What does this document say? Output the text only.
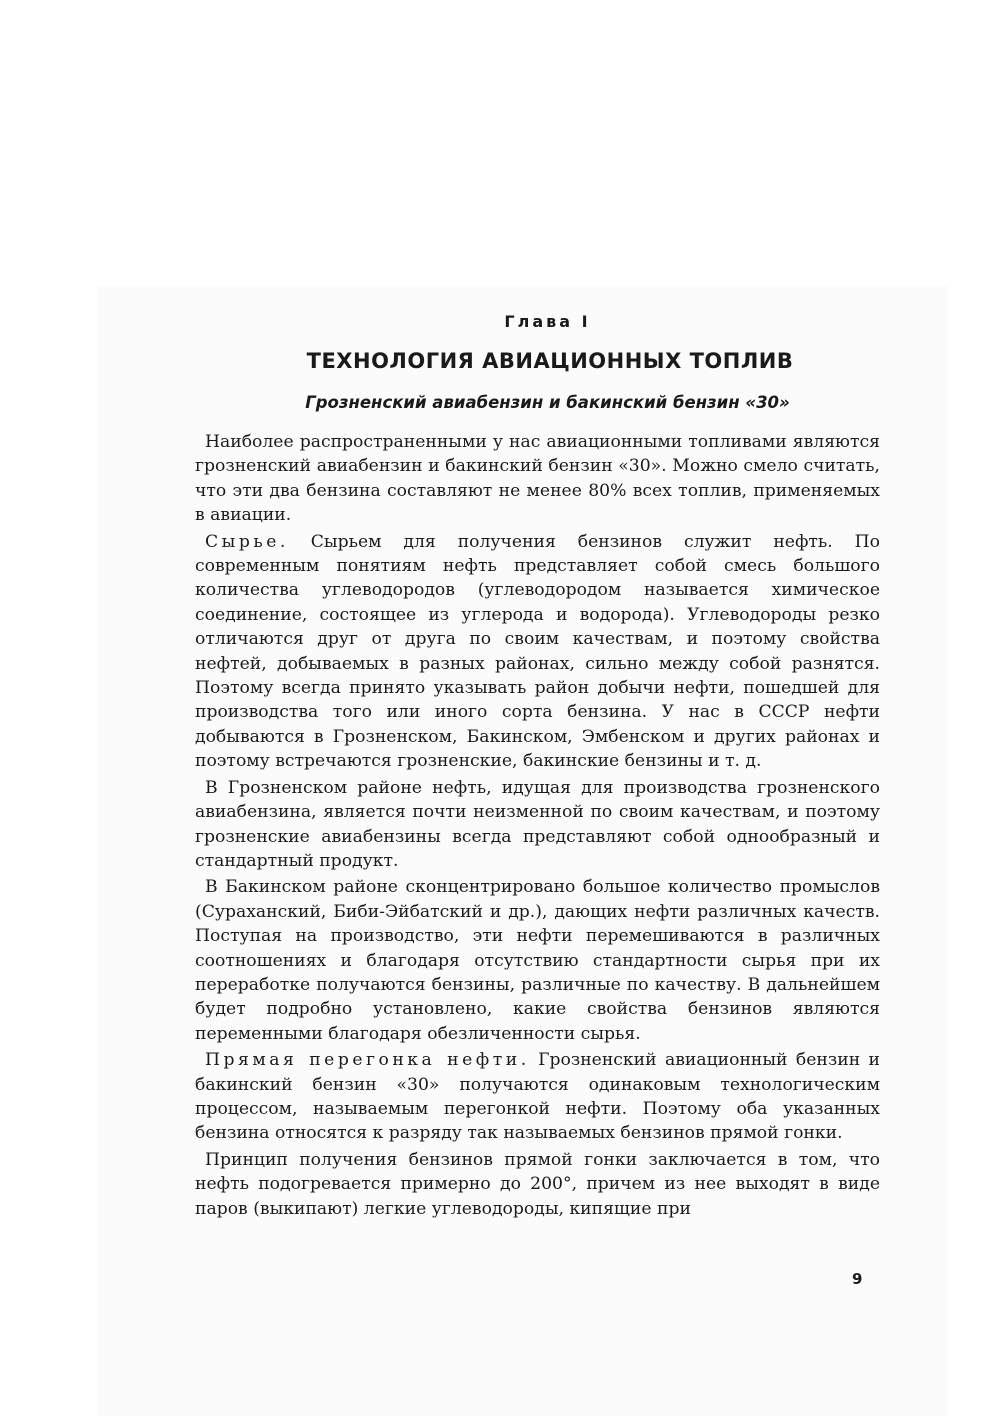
Глава I
ТЕХНОЛОГИЯ АВИАЦИОННЫХ ТОПЛИВ
Грозненский авиабензин и бакинский бензин «30»

Наиболее распространенными у нас авиационными топливами являются грозненский авиабензин и бакинский бензин «30». Можно смело считать, что эти два бензина составляют не менее 80% всех топлив, применяемых в авиации.

Сырье. Сырьем для получения бензинов служит нефть. По современным понятиям нефть представляет собой смесь большого количества углеводородов (углеводородом называется химическое соединение, состоящее из углерода и водорода). Углеводороды резко отличаются друг от друга по своим качествам, и поэтому свойства нефтей, добываемых в разных районах, сильно между собой разнятся. Поэтому всегда принято указывать район добычи нефти, пошедшей для производства того или иного сорта бензина. У нас в СССР нефти добываются в Грозненском, Бакинском, Эмбенском и других районах и поэтому встречаются грозненские, бакинские бензины и т. д.

В Грозненском районе нефть, идущая для производства грозненского авиабензина, является почти неизменной по своим качествам, и поэтому грозненские авиабензины всегда представляют собой однообразный и стандартный продукт.

В Бакинском районе сконцентрировано большое количество промыслов (Сураханский, Биби-Эйбатский и др.), дающих нефти различных качеств. Поступая на производство, эти нефти перемешиваются в различных соотношениях и благодаря отсутствию стандартности сырья при их переработке получаются бензины, различные по качеству. В дальнейшем будет подробно установлено, какие свойства бензинов являются переменными благодаря обезличенности сырья.

Прямая перегонка нефти. Грозненский авиационный бензин и бакинский бензин «30» получаются одинаковым технологическим процессом, называемым перегонкой нефти. Поэтому оба указанных бензина относятся к разряду так называемых бензинов прямой гонки.

Принцип получения бензинов прямой гонки заключается в том, что нефть подогревается примерно до 200°, причем из нее выходят в виде паров (выкипают) легкие углеводороды, кипящие при

9
